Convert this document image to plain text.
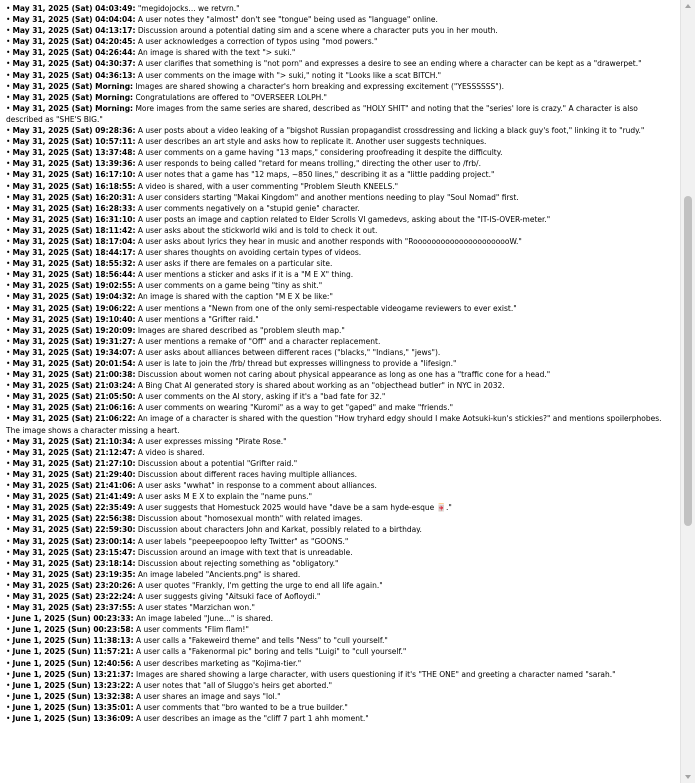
• May 31, 2025 (Sat) 04:03:49: "megidojocks... we retvrn."
• May 31, 2025 (Sat) 04:04:04: A user notes they "almost" don't see "tongue" being used as "language" online.
• May 31, 2025 (Sat) 04:13:17: Discussion around a potential dating sim and a scene where a character puts you in her mouth.
• May 31, 2025 (Sat) 04:20:45: A user acknowledges a correction of typos using "mod powers."
• May 31, 2025 (Sat) 04:26:44: An image is shared with the text "> suki."
• May 31, 2025 (Sat) 04:30:37: A user clarifies that something is "not porn" and expresses a desire to see an ending where a character can be kept as a "drawerpet."
• May 31, 2025 (Sat) 04:36:13: A user comments on the image with "> suki," noting it "Looks like a scat BITCH."
• May 31, 2025 (Sat) Morning: Images are shared showing a character's horn breaking and expressing excitement ("YESSSSSS").
• May 31, 2025 (Sat) Morning: Congratulations are offered to "OVERSEER LOLPH."
• May 31, 2025 (Sat) Morning: More images from the same series are shared, described as "HOLY SHIT" and noting that the "series' lore is crazy." A character is also described as "SHE'S BIG."
• May 31, 2025 (Sat) 09:28:36: A user posts about a video leaking of a "bigshot Russian propagandist crossdressing and licking a black guy's foot," linking it to "rudy."
• May 31, 2025 (Sat) 10:57:11: A user describes an art style and asks how to replicate it. Another user suggests techniques.
• May 31, 2025 (Sat) 13:37:48: A user comments on a game having "13 maps," considering proofreading it despite the difficulty.
• May 31, 2025 (Sat) 13:39:36: A user responds to being called "retard for means trolling," directing the other user to /frb/.
• May 31, 2025 (Sat) 16:17:10: A user notes that a game has "12 maps, ~850 lines," describing it as a "little padding project."
• May 31, 2025 (Sat) 16:18:55: A video is shared, with a user commenting "Problem Sleuth KNEELS."
• May 31, 2025 (Sat) 16:20:31: A user considers starting "Makai Kingdom" and another mentions needing to play "Soul Nomad" first.
• May 31, 2025 (Sat) 16:28:33: A user comments negatively on a "stupid genie" character.
• May 31, 2025 (Sat) 16:31:10: A user posts an image and caption related to Elder Scrolls VI gamedevs, asking about the "IT-IS-OVER-meter."
• May 31, 2025 (Sat) 18:11:42: A user asks about the stickworld wiki and is told to check it out.
• May 31, 2025 (Sat) 18:17:04: A user asks about lyrics they hear in music and another responds with "RoooooooooooooooooooooW."
• May 31, 2025 (Sat) 18:44:17: A user shares thoughts on avoiding certain types of videos.
• May 31, 2025 (Sat) 18:55:32: A user asks if there are females on a particular site.
• May 31, 2025 (Sat) 18:56:44: A user mentions a sticker and asks if it is a "M E X" thing.
• May 31, 2025 (Sat) 19:02:55: A user comments on a game being "tiny as shit."
• May 31, 2025 (Sat) 19:04:32: An image is shared with the caption "M E X be like:"
• May 31, 2025 (Sat) 19:06:22: A user mentions a "Newn from one of the only semi-respectable videogame reviewers to ever exist."
• May 31, 2025 (Sat) 19:10:40: A user mentions a "Grifter raid."
• May 31, 2025 (Sat) 19:20:09: Images are shared described as "problem sleuth map."
• May 31, 2025 (Sat) 19:31:27: A user mentions a remake of "Off" and a character replacement.
• May 31, 2025 (Sat) 19:34:07: A user asks about alliances between different races ("blacks," "Indians," "jews").
• May 31, 2025 (Sat) 20:01:54: A user is late to join the /frb/ thread but expresses willingness to provide a "lifesign."
• May 31, 2025 (Sat) 21:00:38: Discussion about women not caring about physical appearance as long as one has a "traffic cone for a head."
• May 31, 2025 (Sat) 21:03:24: A Bing Chat AI generated story is shared about working as an "objecthead butler" in NYC in 2032.
• May 31, 2025 (Sat) 21:05:50: A user comments on the AI story, asking if it's a "bad fate for 32."
• May 31, 2025 (Sat) 21:06:16: A user comments on wearing "Kuromi" as a way to get "gaped" and make "friends."
• May 31, 2025 (Sat) 21:06:22: An image of a character is shared with the question "How tryhard edgy should I make Aotsuki-kun's stickies?" and mentions spoilerphobes. The image shows a character missing a heart.
• May 31, 2025 (Sat) 21:10:34: A user expresses missing "Pirate Rose."
• May 31, 2025 (Sat) 21:12:47: A video is shared.
• May 31, 2025 (Sat) 21:27:10: Discussion about a potential "Grifter raid."
• May 31, 2025 (Sat) 21:29:40: Discussion about different races having multiple alliances.
• May 31, 2025 (Sat) 21:41:06: A user asks "wwhat" in response to a comment about alliances.
• May 31, 2025 (Sat) 21:41:49: A user asks M E X to explain the "name puns."
• May 31, 2025 (Sat) 22:35:49: A user suggests that Homestuck 2025 would have "dave be a sam hyde-esque 🀄."
• May 31, 2025 (Sat) 22:56:38: Discussion about "homosexual month" with related images.
• May 31, 2025 (Sat) 22:59:30: Discussion about characters John and Karkat, possibly related to a birthday.
• May 31, 2025 (Sat) 23:00:14: A user labels "peepeepoopoo lefty Twitter" as "GOONS."
• May 31, 2025 (Sat) 23:15:47: Discussion around an image with text that is unreadable.
• May 31, 2025 (Sat) 23:18:14: Discussion about rejecting something as "obligatory."
• May 31, 2025 (Sat) 23:19:35: An image labeled "Ancients.png" is shared.
• May 31, 2025 (Sat) 23:20:26: A user quotes "Frankly, I'm getting the urge to end all life again."
• May 31, 2025 (Sat) 23:22:24: A user suggests giving "Aitsuki face of Aofloydi."
• May 31, 2025 (Sat) 23:37:55: A user states "Marzichan won."
• June 1, 2025 (Sun) 00:23:33: An image labeled "June..." is shared.
• June 1, 2025 (Sun) 00:23:58: A user comments "Flim flam!"
• June 1, 2025 (Sun) 11:38:13: A user calls a "Fakeweird theme" and tells "Ness" to "cull yourself."
• June 1, 2025 (Sun) 11:57:21: A user calls a "Fakenormal pic" boring and tells "Luigi" to "cull yourself."
• June 1, 2025 (Sun) 12:40:56: A user describes marketing as "Kojima-tier."
• June 1, 2025 (Sun) 13:21:37: Images are shared showing a large character, with users questioning if it's "THE ONE" and greeting a character named "sarah."
• June 1, 2025 (Sun) 13:23:22: A user notes that "all of Sluggo's heirs get aborted."
• June 1, 2025 (Sun) 13:32:38: A user shares an image and says "lol."
• June 1, 2025 (Sun) 13:35:01: A user comments that "bro wanted to be a true builder."
• June 1, 2025 (Sun) 13:36:09: A user describes an image as the "cliff 7 part 1 ahh moment."
